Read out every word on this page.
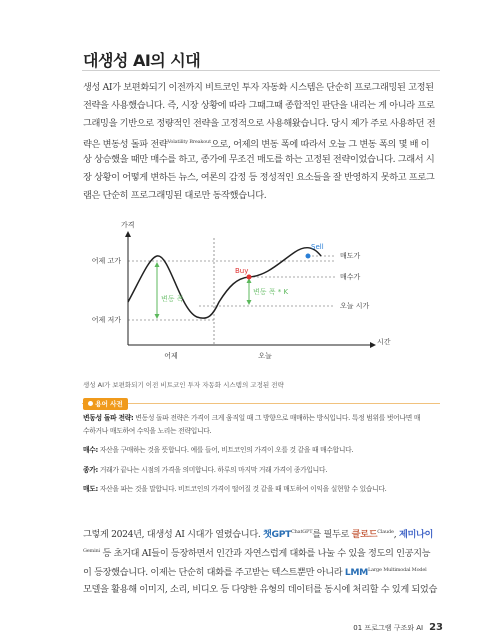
대생성 AI의 시대
생성 AI가 보편화되기 이전까지 비트코인 투자 자동화 시스템은 단순히 프로그래밍된 고정된
전략을 사용했습니다. 즉, 시장 상황에 따라 그때그때 종합적인 판단을 내리는 게 아니라 프로
그래밍을 기반으로 정량적인 전략을 고정적으로 사용해왔습니다. 당시 제가 주로 사용하던 전
략은 변동성 돌파 전략$^{Volatility Breakout}$으로, 어제의 변동 폭에 따라서 오늘 그 변동 폭의 몇 배 이
상 상승했을 때만 매수를 하고, 종가에 무조건 매도를 하는 고정된 전략이었습니다. 그래서 시
장 상황이 어떻게 변하든 뉴스, 여론의 감정 등 정성적인 요소들을 잘 반영하지 못하고 프로그
램은 단순히 프로그래밍된 대로만 동작했습니다.
가격
시간
어제 고가
어제 저가
매도가
매수가
오늘 시가
어제	오늘
변동 폭
변동 폭 * K
Buy
Sell
생성 AI가 보편화되기 이전 비트코인 투자 자동화 시스템의 고정된 전략
용어 사전
변동성 돌파 전략: 변동성 돌파 전략은 가격이 크게 움직일 때 그 방향으로 매매하는 방식입니다. 특정 범위를 벗어나면 매
수하거나 매도하여 수익을 노리는 전략입니다.
매수: 자산을 구매하는 것을 뜻합니다. 예를 들어, 비트코인의 가격이 오를 것 같을 때 매수합니다.
종가: 거래가 끝나는 시점의 가격을 의미합니다. 하루의 마지막 거래 가격이 종가입니다.
매도: 자산을 파는 것을 말합니다. 비트코인의 가격이 떨어질 것 같을 때 매도하여 이익을 실현할 수 있습니다.
그렇게 2024년, 대생성 AI 시대가 열렸습니다. 챗$GPT^{ChatGPT}$를 필두로 클로드$^{Claude}$, 제미나이
$^{Gemini}$ 등 초거대 AI들이 등장하면서 인간과 자연스럽게 대화를 나눌 수 있을 정도의 인공지능
이 등장했습니다. 이제는 단순히 대화를 주고받는 텍스트뿐만 아니라 $LMM^{Large Multimodal Model}$
모델을 활용해 이미지, 소리, 비디오 등 다양한 유형의 데이터를 동시에 처리할 수 있게 되었습
01 프로그램 구조와 AI 23
